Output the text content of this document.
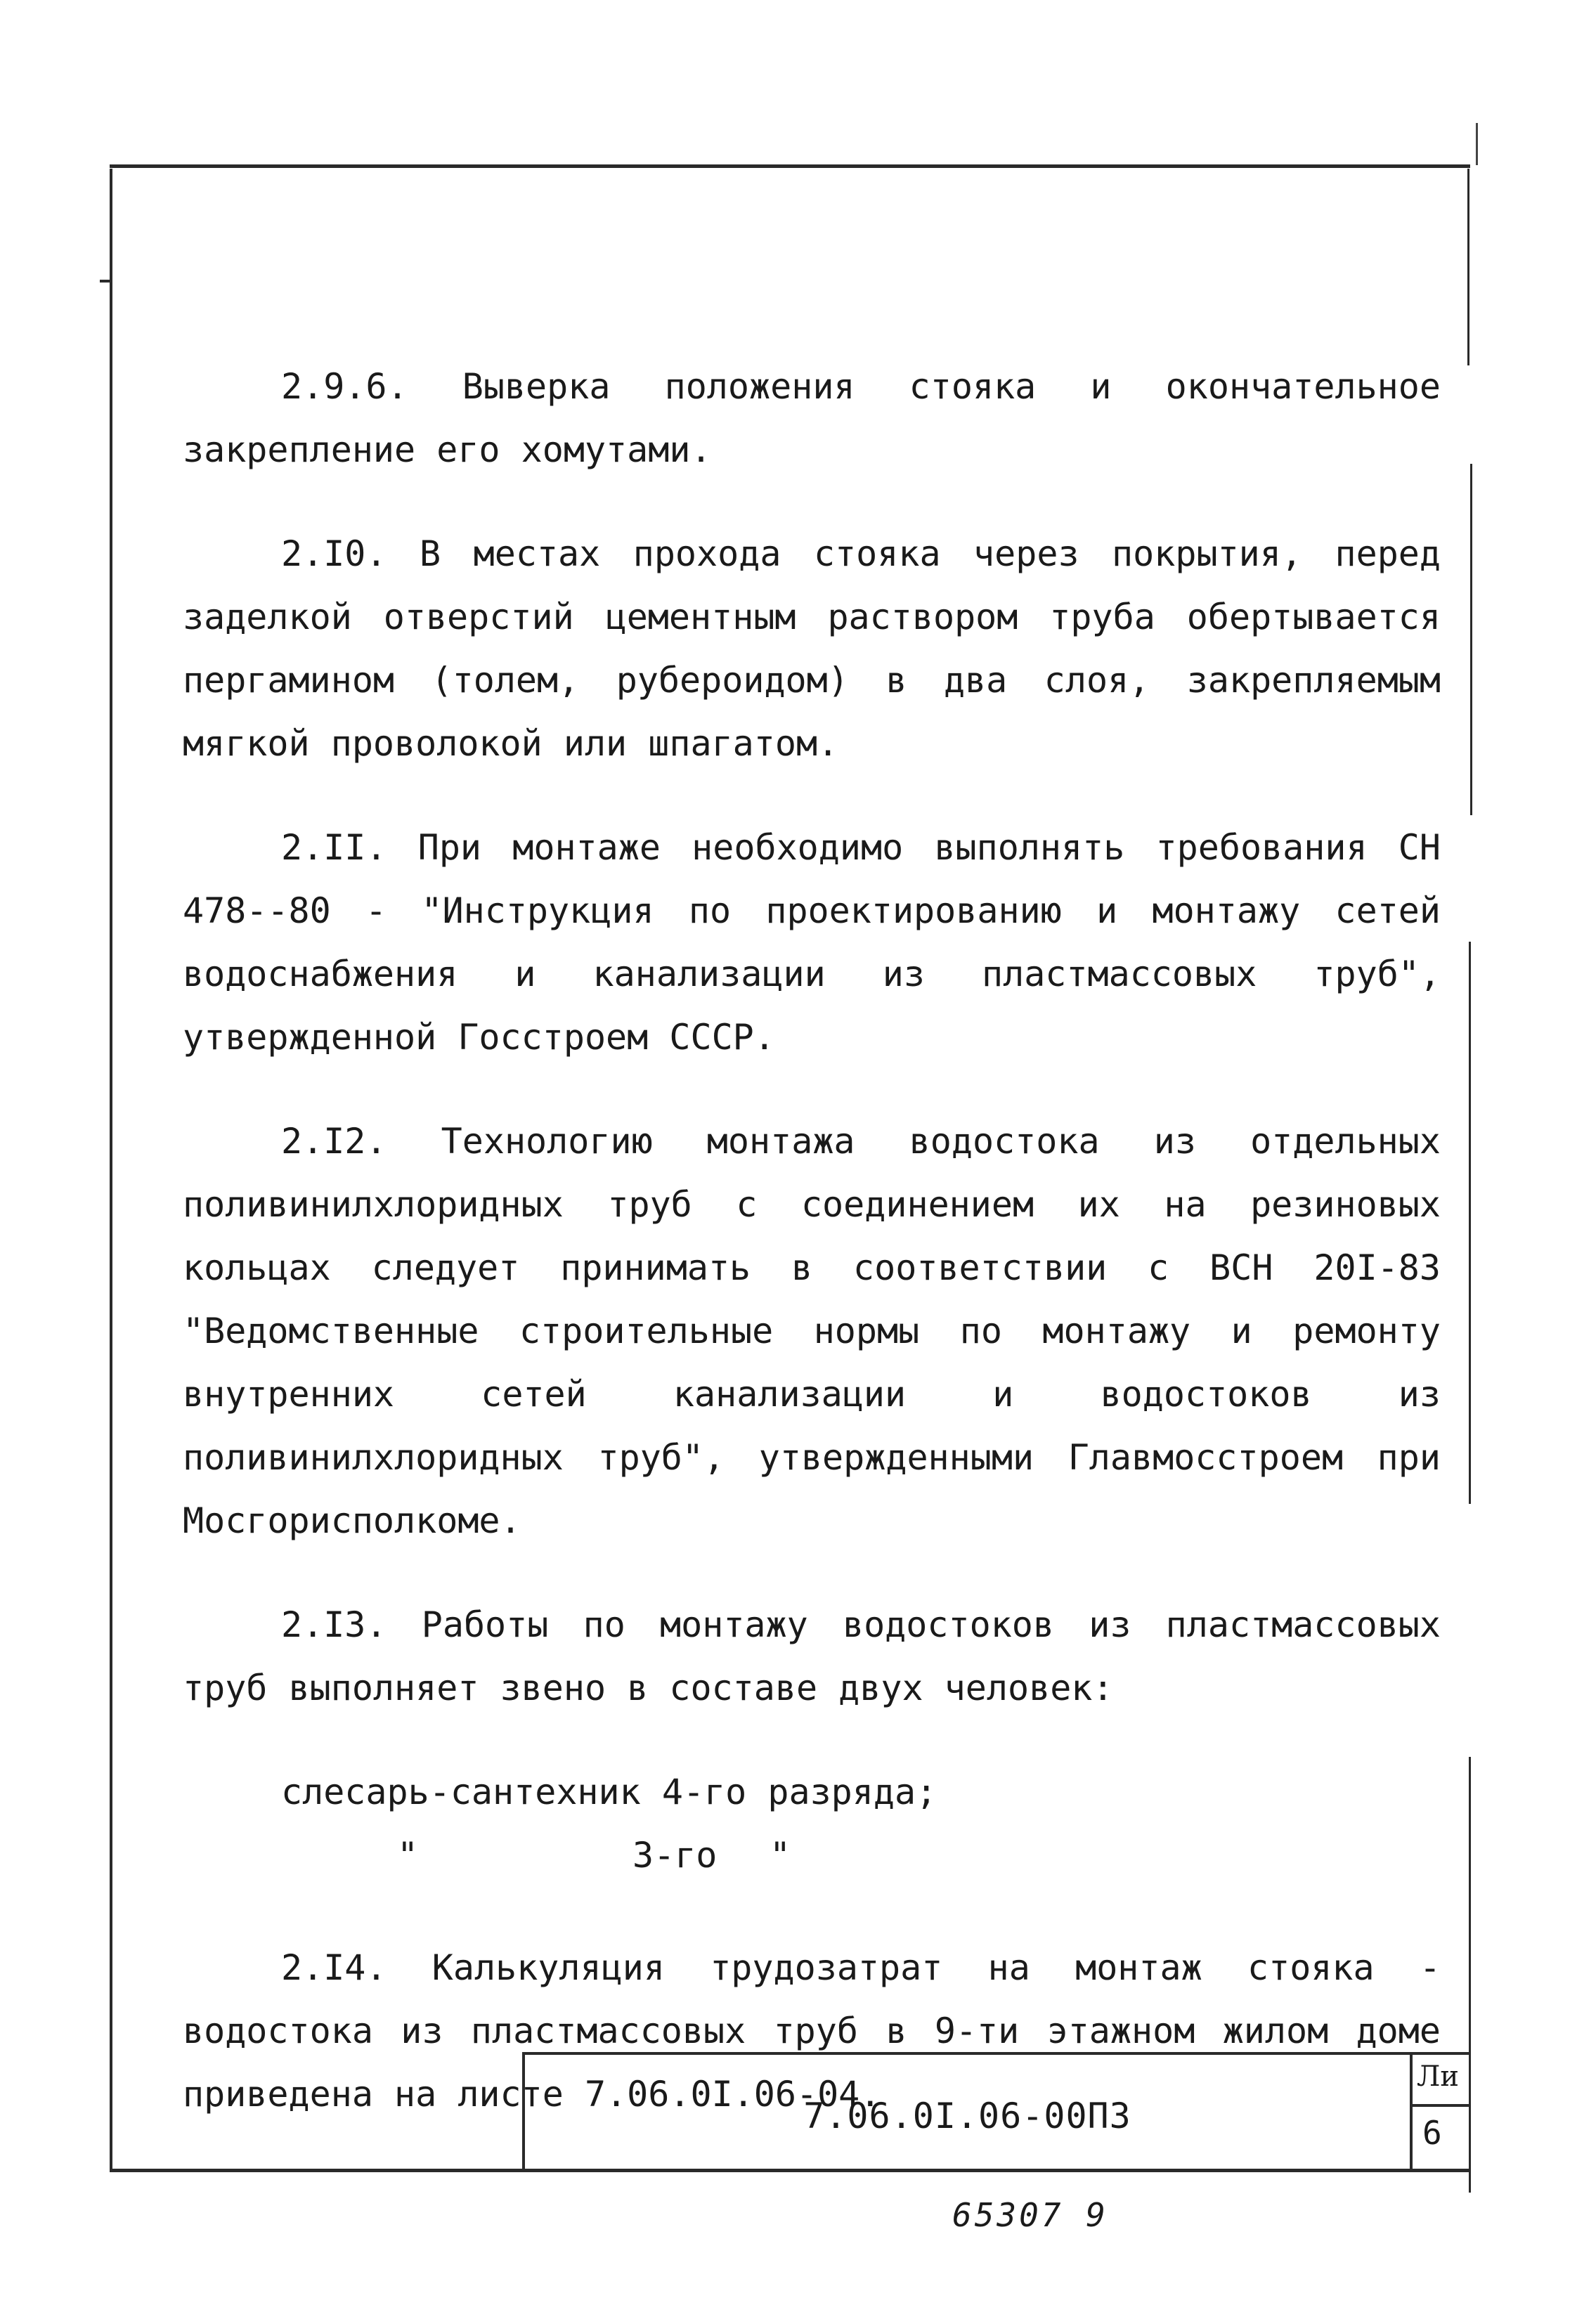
2.9.6. Выверка положения стояка и окончательное закрепление его хомутами.

2.I0. В местах прохода стояка через покрытия, перед заделкой отверстий цементным раствором труба обертывается пергамином (толем, рубероидом) в два слоя, закрепляемым мягкой проволокой или шпагатом.

2.II. При монтаже необходимо выполнять требования СН 478--80 - "Инструкция по проектированию и монтажу сетей водоснабжения и канализации из пластмассовых труб", утвержденной Госстроем СССР.

2.I2. Технологию монтажа водостока из отдельных поливинилхлоридных труб с соединением их на резиновых кольцах следует принимать в соответствии с ВСН 20I-83 "Ведомственные строительные нормы по монтажу и ремонту внутренних сетей канализации и водостоков из поливинилхлоридных труб", утвержденными Главмосстроем при Мосгорисполкоме.

2.I3. Работы по монтажу водостоков из пластмассовых труб выполняет звено в составе двух человек:

слесарь-сантехник 4-го разряда;
"	3-го "

2.I4. Калькуляция трудозатрат на монтаж стояка - водостока из пластмассовых труб в 9-ти этажном жилом доме приведена на листе 7.06.0I.06-04.

7.06.0I.06-00ПЗ
Ли
6
65307 9
